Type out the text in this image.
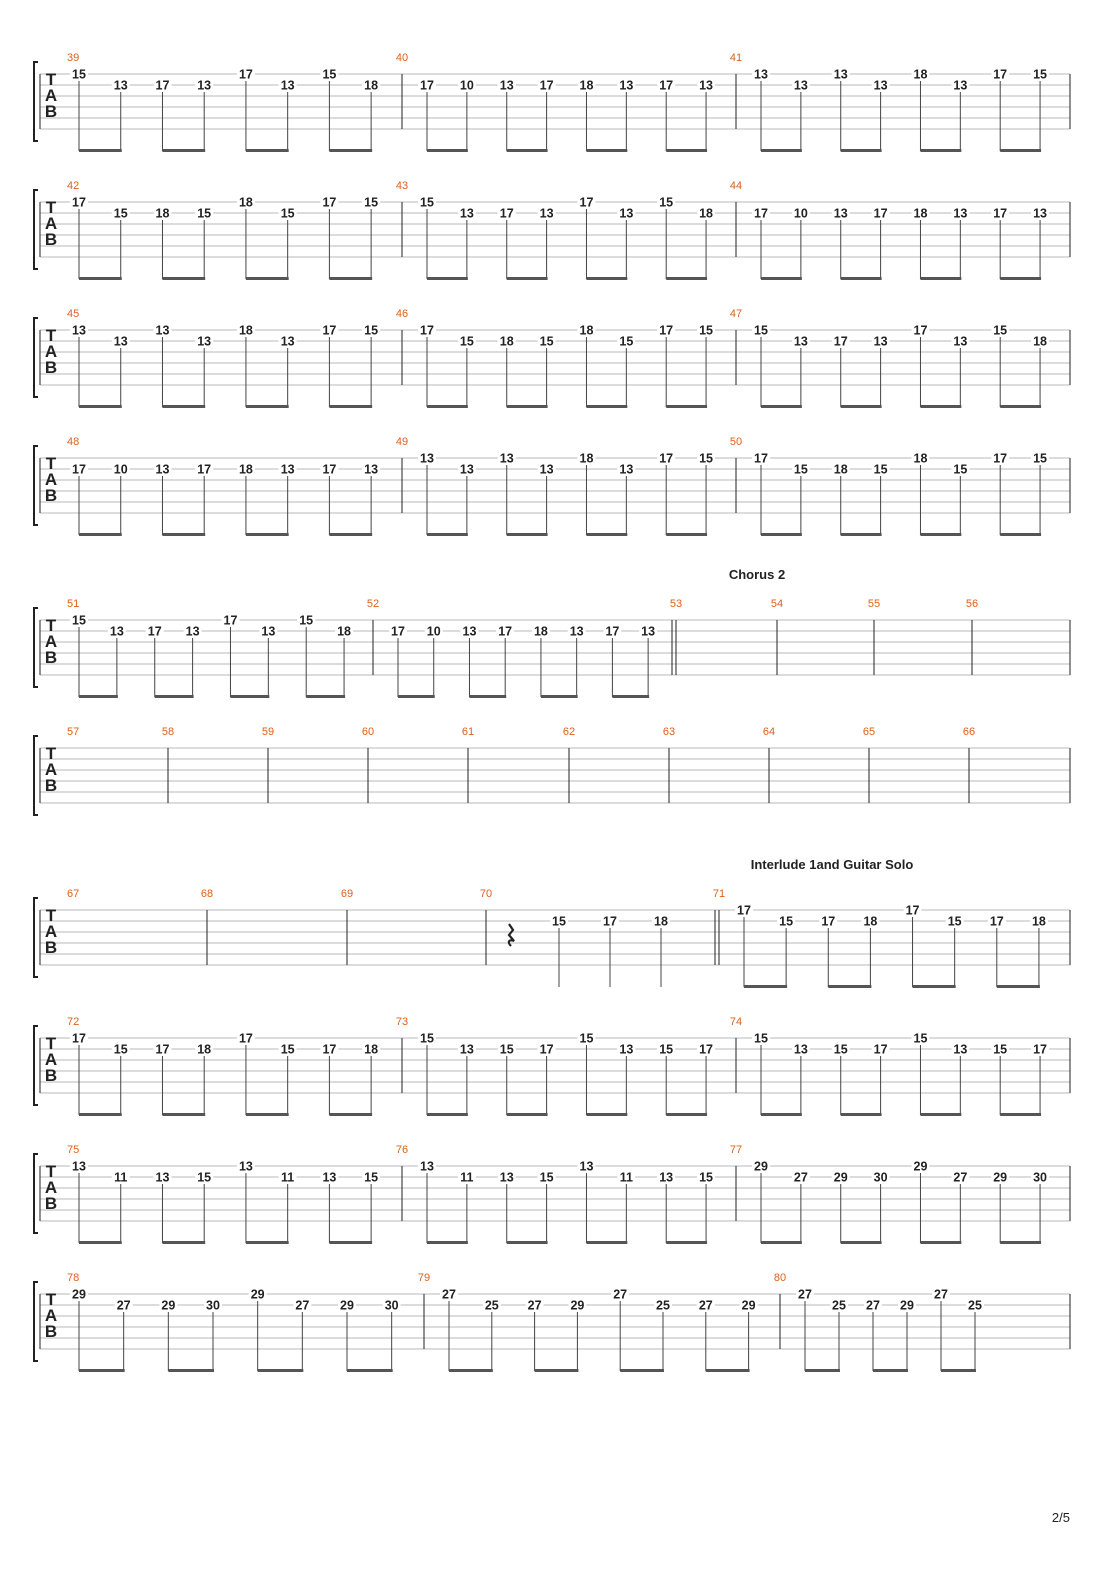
T
A
B
39
15
13 17 13
17
13
15
18
40
17 10 13 17 18 13 17 13
41
13
13
13
13
18
13
17 15
T
A
B
42
17
15 18 15
18
15
17 15
43
15
13 17 13
17
13
15
18
44
17 10 13 17 18 13 17 13
T
A
B
45
13
13
13
13
18
13
17 15
46
17
15 18 15
18
15
17 15
47
15
13 17 13
17
13
15
18
T
A
B
48
17 10 13 17 18 13 17 13
49
13
13
13
13
18
13
17 15
50
17
15 18 15
18
15
17 15
T
A
B
Chorus 2
51
15
13 17 13
17
13
15
18
52
17 10 13 17 18 13 17 13
53	54	55	56
T
A
B
57	58	59	60	61	62	63	64	65	66
T
A
B
Interlude 1and Guitar Solo
67	68	69	70
15	17	18
71
17
15 17 18
17
15 17 18
T
A
B
72
17
15 17 18
17
15 17 18
73
15
13 15 17
15
13 15 17
74
15
13 15 17
15
13 15 17
T
A
B
75
13
11 13 15
13
11 13 15
76
13
11 13 15
13
11 13 15
77
29
27 29 30
29
27 29 30
T
A
B
78
29
27 29 30
29
27 29 30
79
27
25 27 29
27
25 27 29
80
27
25 27 29
27
25
2/5
